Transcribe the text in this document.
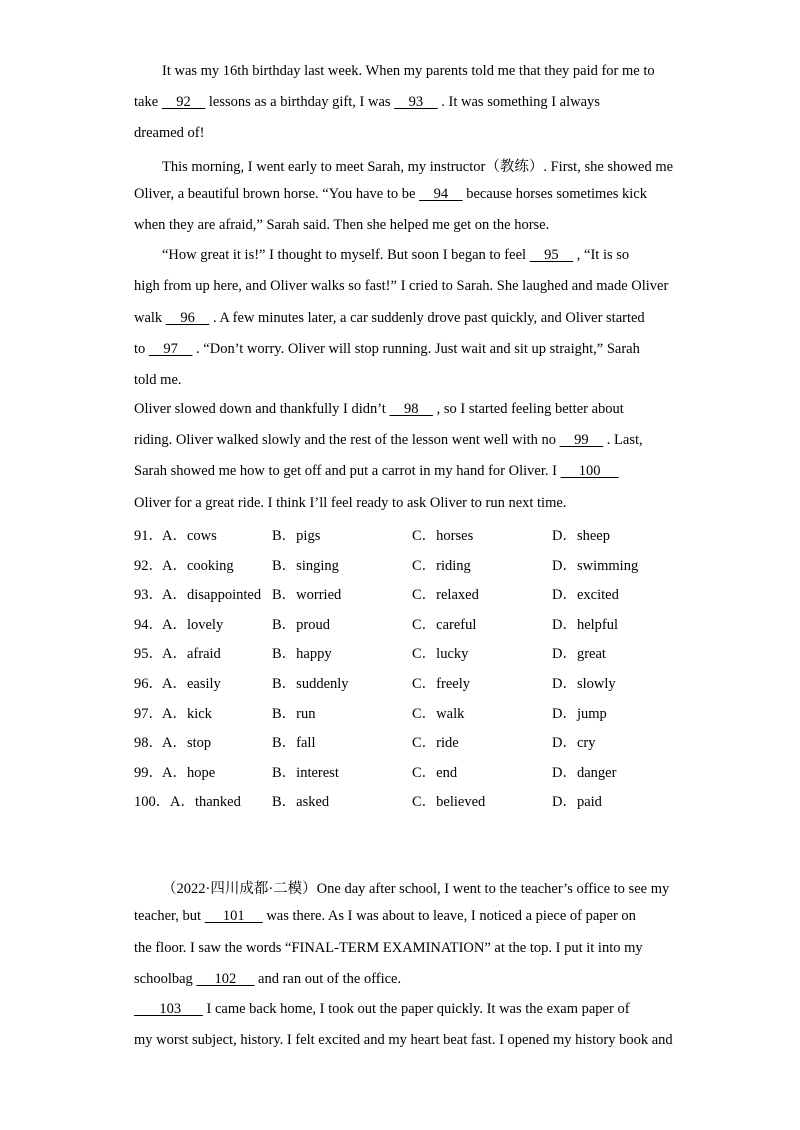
It was my 16th birthday last week. When my parents told me that they paid for me to
take     92     lessons as a birthday gift, I was     93     . It was something I always
dreamed of!
This morning, I went early to meet Sarah, my instructor（教练）. First, she showed me
Oliver, a beautiful brown horse. “You have to be     94     because horses sometimes kick
when they are afraid,” Sarah said. Then she helped me get on the horse.
“How great it is!” I thought to myself. But soon I began to feel     95     , “It is so
high from up here, and Oliver walks so fast!” I cried to Sarah. She laughed and made Oliver
walk     96     . A few minutes later, a car suddenly drove past quickly, and Oliver started
to     97     . “Don’t worry. Oliver will stop running. Just wait and sit up straight,” Sarah
told me.
Oliver slowed down and thankfully I didn’t     98     , so I started feeling better about
riding. Oliver walked slowly and the rest of the lesson went well with no     99     . Last,
Sarah showed me how to get off and put a carrot in my hand for Oliver. I      100
Oliver for a great ride. I think I’ll feel ready to ask Oliver to run next time.
91． A．cows	B．pigs	C．horses	D．sheep
92． A．cooking	B．singing	C．riding	D．swimming
93． A．disappointed B．worried	C．relaxed	D．excited
94． A．lovely	B．proud	C．careful	D．helpful
95． A．afraid	B．happy	C．lucky	D．great
96． A．easily	B．suddenly	C．freely	D．slowly
97． A．kick	B．run	C．walk	D．jump
98． A．stop	B．fall	C．ride	D．cry
99． A．hope	B．interest	C．end	D．danger
100． A．thanked B．asked	C．believed	D．paid
（2022·四川成都·二模）One day after school, I went to the teacher’s office to see my
teacher, but      101      was there. As I was about to leave, I noticed a piece of paper on
the floor. I saw the words “FINAL-TERM EXAMINATION” at the top. I put it into my
schoolbag      102      and ran out of the office.
103       I came back home, I took out the paper quickly. It was the exam paper of
my worst subject, history. I felt excited and my heart beat fast. I opened my history book and
